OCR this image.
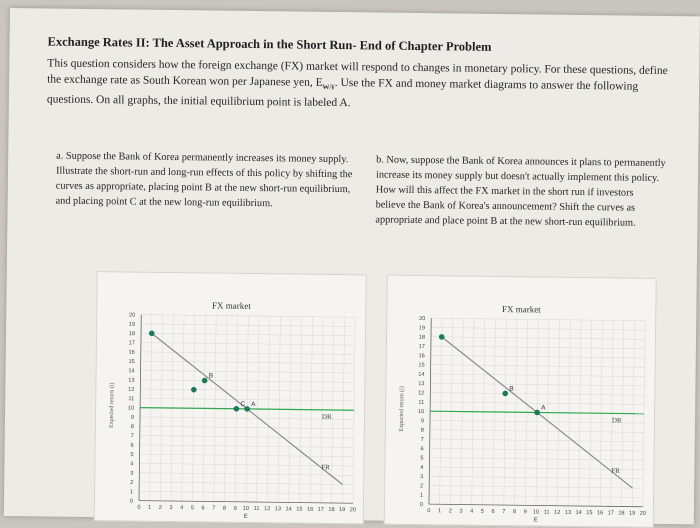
Exchange Rates II: The Asset Approach in the Short Run- End of Chapter Problem
This question considers how the foreign exchange (FX) market will respond to changes in monetary policy. For these questions, define the exchange rate as South Korean won per Japanese yen, $E_{₩/¥}$. Use the FX and money market diagrams to answer the following questions. On all graphs, the initial equilibrium point is labeled A.
a. Suppose the Bank of Korea permanently increases its money supply. Illustrate the short-run and long-run effects of this policy by shifting the curves as appropriate, placing point B at the new short-run equilibrium, and placing point C at the new long-run equilibrium.
b. Now, suppose the Bank of Korea announces it plans to permanently increase its money supply but doesn't actually implement this policy. How will this affect the FX market in the short run if investors believe the Bank of Korea's announcement? Shift the curves as appropriate and place point B at the new short-run equilibrium.
FX market
Expected return (i)
0 1 2 3 4 5 6 7 8 9 10 11 12 13 14 15 16 17 18 19 20
0
1
2
3
4
5
6
7
8
9
10
11
12
13
14
15
16
17
18
19
20
E
DR
FR
B
C A
FX market
Expected return (i)
0 1 2 3 4 5 6 7 8 9 10 11 12 13 14 15 16 17 18 19 20
0
1
2
3
4
5
6
7
8
9
10
11
12
13
14
15
16
17
18
19
20
E
DR
FR
B
A
